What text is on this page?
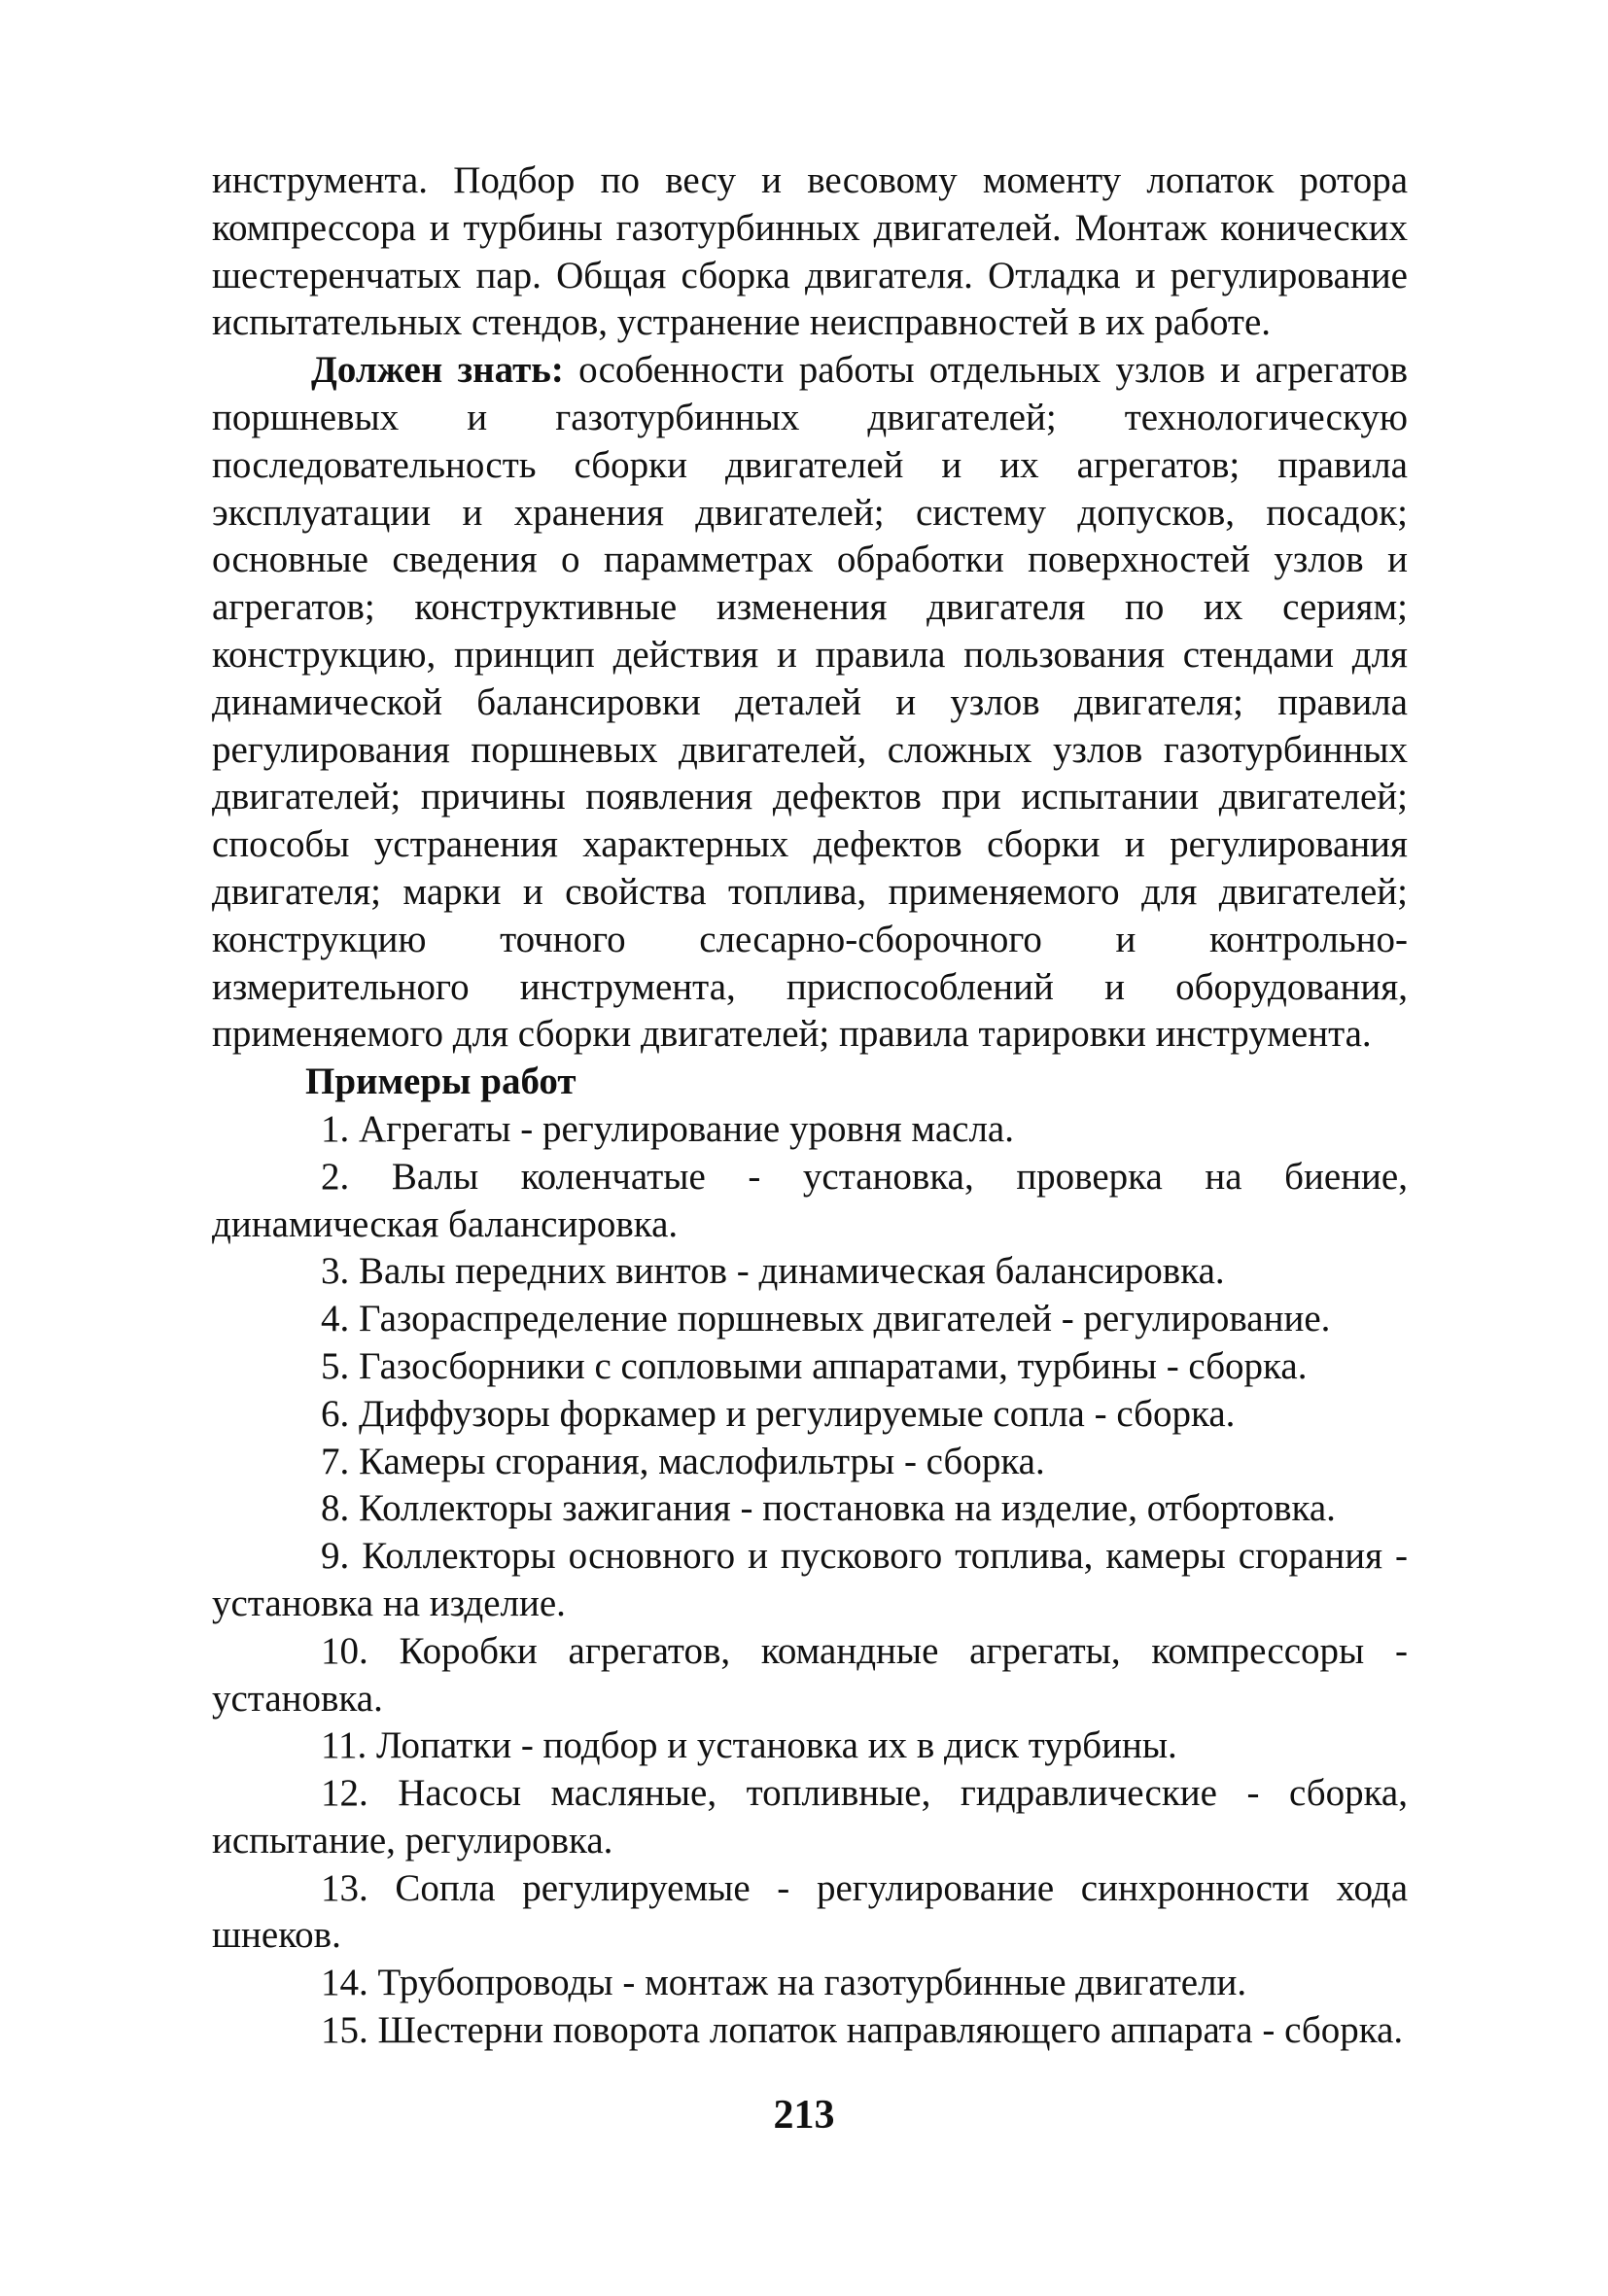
инструмента. Подбор по весу и весовому моменту лопаток ротора компрессора и турбины газотурбинных двигателей. Монтаж конических шестеренчатых пар. Общая сборка двигателя. Отладка и регулирование испытательных стендов, устранение неисправностей в их работе.

Должен знать: особенности работы отдельных узлов и агрегатов поршневых и газотурбинных двигателей; технологическую последовательность сборки двигателей и их агрегатов; правила эксплуатации и хранения двигателей; систему допусков, посадок; основные сведения о параммeтрах обработки поверхностей узлов и агрегатов; конструктивные изменения двигателя по их сериям; конструкцию, принцип действия и правила пользования стендами для динамической балансировки деталей и узлов двигателя; правила регулирования поршневых двигателей, сложных узлов газотурбинных двигателей; причины появления дефектов при испытании двигателей; способы устранения характерных дефектов сборки и регулирования двигателя; марки и свойства топлива, применяемого для двигателей; конструкцию точного слесарно-сборочного и контрольно-измерительного инструмента, приспособлений и оборудования, применяемого для сборки двигателей; правила тарировки инструмента.

Примеры работ

1. Агрегаты - регулирование уровня масла.
2. Валы коленчатые - установка, проверка на биение, динамическая балансировка.
3. Валы передних винтов - динамическая балансировка.
4. Газораспределение поршневых двигателей - регулирование.
5. Газосборники с сопловыми аппаратами, турбины - сборка.
6. Диффузоры форкамер и регулируемые сопла - сборка.
7. Камеры сгорания, маслофильтры - сборка.
8. Коллекторы зажигания - постановка на изделие, отбортовка.
9. Коллекторы основного и пускового топлива, камеры сгорания - установка на изделие.
10. Коробки агрегатов, командные агрегаты, компрессоры - установка.
11. Лопатки - подбор и установка их в диск турбины.
12. Насосы масляные, топливные, гидравлические - сборка, испытание, регулировка.
13. Сопла регулируемые - регулирование синхронности хода шнеков.
14. Трубопроводы - монтаж на газотурбинные двигатели.
15. Шестерни поворота лопаток направляющего аппарата - сборка.
213
